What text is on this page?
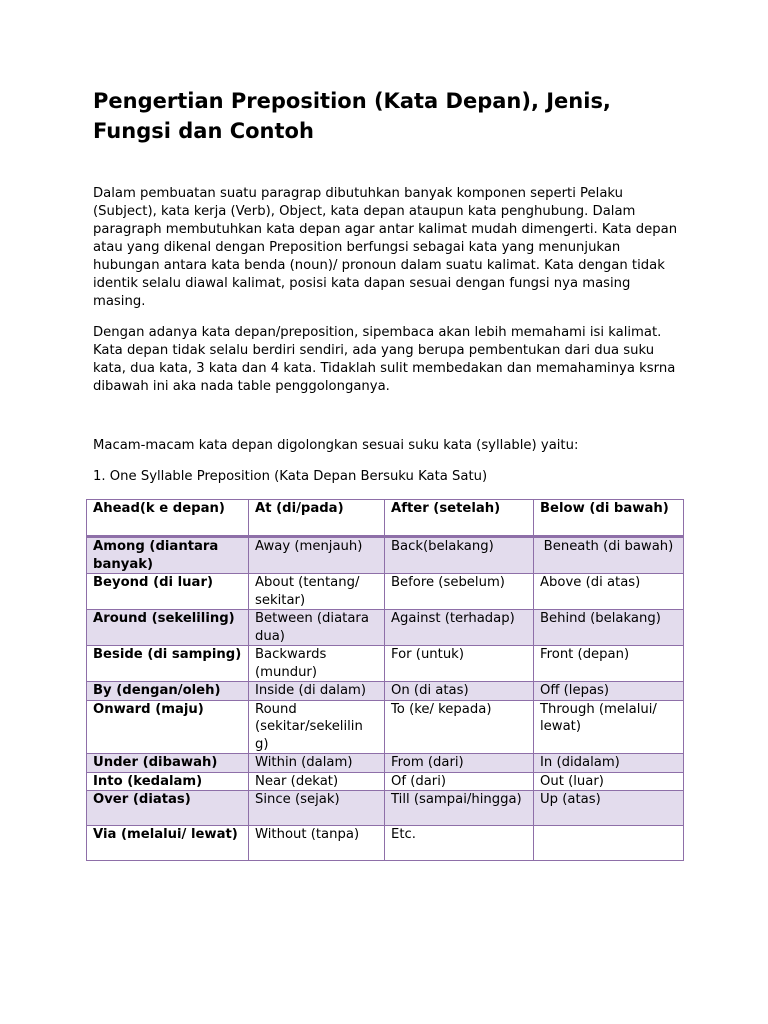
Pengertian Preposition (Kata Depan), Jenis, Fungsi dan Contoh

Dalam pembuatan suatu paragrap dibutuhkan banyak komponen seperti Pelaku (Subject), kata kerja (Verb), Object, kata depan ataupun kata penghubung. Dalam paragraph membutuhkan kata depan agar antar kalimat mudah dimengerti. Kata depan atau yang dikenal dengan Preposition berfungsi sebagai kata yang menunjukan hubungan antara kata benda (noun)/ pronoun dalam suatu kalimat. Kata dengan tidak identik selalu diawal kalimat, posisi kata dapan sesuai dengan fungsi nya masing masing.

Dengan adanya kata depan/preposition, sipembaca akan lebih memahami isi kalimat. Kata depan tidak selalu berdiri sendiri, ada yang berupa pembentukan dari dua suku kata, dua kata, 3 kata dan 4 kata. Tidaklah sulit membedakan dan memahaminya ksrna dibawah ini aka nada table penggolonganya.

Macam-macam kata depan digolongkan sesuai suku kata (syllable) yaitu:

1. One Syllable Preposition (Kata Depan Bersuku Kata Satu)

Ahead(k e depan)	At (di/pada)	After (setelah)	Below (di bawah)
Among (diantara banyak)	Away (menjauh)	Back(belakang)	Beneath (di bawah)
Beyond (di luar)	About (tentang/ sekitar)	Before (sebelum)	Above (di atas)
Around (sekeliling)	Between (diatara dua)	Against (terhadap)	Behind (belakang)
Beside (di samping)	Backwards (mundur)	For (untuk)	Front (depan)
By (dengan/oleh)	Inside (di dalam)	On (di atas)	Off (lepas)
Onward (maju)	Round (sekitar/sekelilin g)	To (ke/ kepada)	Through (melalui/ lewat)
Under (dibawah)	Within (dalam)	From (dari)	In (didalam)
Into (kedalam)	Near (dekat)	Of (dari)	Out (luar)
Over (diatas)	Since (sejak)	Till (sampai/hingga)	Up (atas)
Via (melalui/ lewat)	Without (tanpa)	Etc.	
